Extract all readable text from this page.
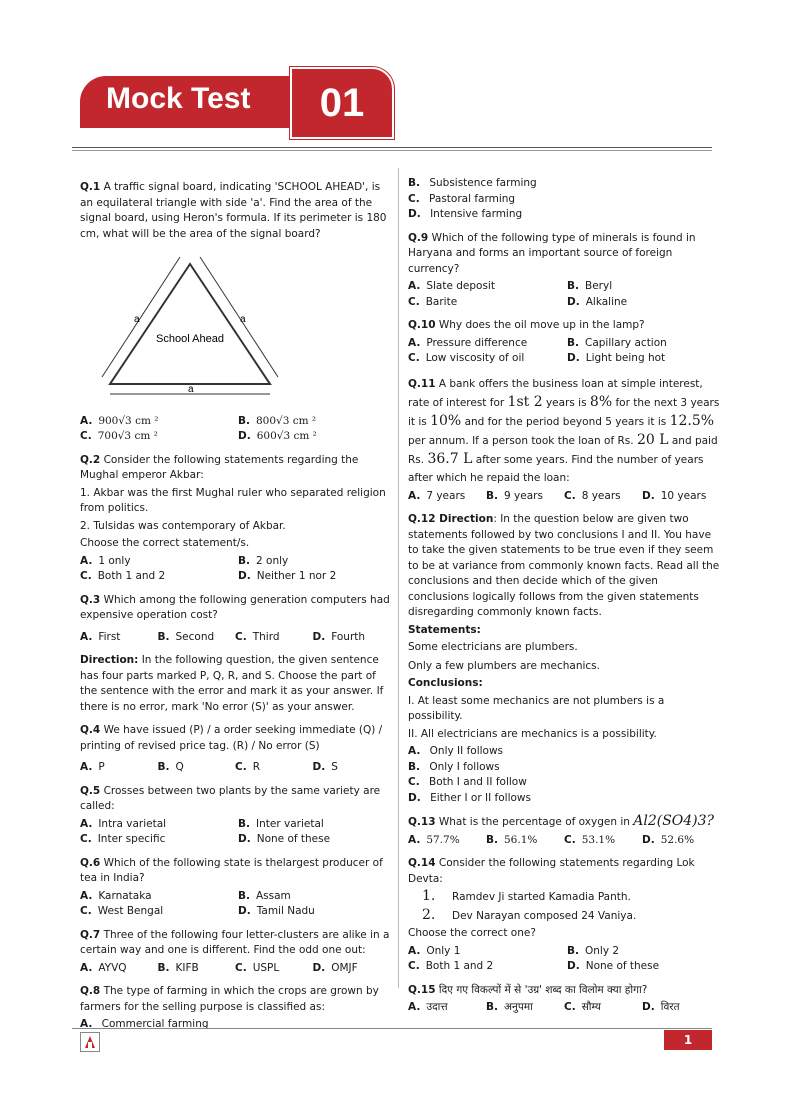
Mock Test	01

Q.1 A traffic signal board, indicating 'SCHOOL AHEAD', is an equilateral triangle with side 'a'. Find the area of the signal board, using Heron's formula. If its perimeter is 180 cm, what will be the area of the signal board?

School Ahead
a	a
a

A. 900√3 cm ²	B. 800√3 cm ²

C. 700√3 cm ²	D. 600√3 cm ²

Q.2 Consider the following statements regarding the Mughal emperor Akbar:

1. Akbar was the first Mughal ruler who separated religion from politics.

2. Tulsidas was contemporary of Akbar.

Choose the correct statement/s.

A. 1 only	B. 2 only

C. Both 1 and 2	D. Neither 1 nor 2

Q.3 Which among the following generation computers had expensive operation cost?

A. First	B. Second	C. Third	D. Fourth

Direction: In the following question, the given sentence has four parts marked P, Q, R, and S. Choose the part of the sentence with the error and mark it as your answer. If there is no error, mark 'No error (S)' as your answer.

Q.4 We have issued (P) / a order seeking immediate (Q) / printing of revised price tag. (R) / No error (S)

A. P	B. Q	C. R	D. S

Q.5 Crosses between two plants by the same variety are called:

A. Intra varietal	B. Inter varietal

C. Inter specific	D. None of these

Q.6 Which of the following state is thelargest producer of tea in India?

A. Karnataka	B. Assam

C. West Bengal	D. Tamil Nadu

Q.7 Three of the following four letter-clusters are alike in a certain way and one is different. Find the odd one out:

A. AYVQ	B. KIFB	C. USPL	D. OMJF

Q.8 The type of farming in which the crops are grown by farmers for the selling purpose is classified as:

A. Commercial farming

B. Subsistence farming

C. Pastoral farming

D. Intensive farming

Q.9 Which of the following type of minerals is found in Haryana and forms an important source of foreign currency?

A. Slate deposit	B. Beryl

C. Barite	D. Alkaline

Q.10 Why does the oil move up in the lamp?

A. Pressure difference	B. Capillary action

C. Low viscosity of oil	D. Light being hot

Q.11 A bank offers the business loan at simple interest, rate of interest for 1st 2 years is 8% for the next 3 years it is 10% and for the period beyond 5 years it is 12.5% per annum. If a person took the loan of Rs. 20 L and paid Rs. 36.7 L after some years. Find the number of years after which he repaid the loan:

A. 7 years	B. 9 years	C. 8 years	D. 10 years

Q.12 Direction: In the question below are given two statements followed by two conclusions I and II. You have to take the given statements to be true even if they seem to be at variance from commonly known facts. Read all the conclusions and then decide which of the given conclusions logically follows from the given statements disregarding commonly known facts.

Statements:

Some electricians are plumbers.

Only a few plumbers are mechanics.

Conclusions:

I. At least some mechanics are not plumbers is a possibility.

II. All electricians are mechanics is a possibility.

A. Only II follows

B. Only I follows

C. Both I and II follow

D. Either I or II follows

Q.13 What is the percentage of oxygen in Al2(SO4)3?

A. 57.7%	B. 56.1%	C. 53.1%	D. 52.6%

Q.14 Consider the following statements regarding Lok Devta:

1. Ramdev Ji started Kamadia Panth.

2. Dev Narayan composed 24 Vaniya.

Choose the correct one?

A. Only 1	B. Only 2

C. Both 1 and 2	D. None of these

Q.15 दिए गए विकल्पों में से 'उग्र' शब्द का विलोम क्या होगा?

A. उदात्त	B. अनुपमा	C. सौम्य	D. विरत

1
